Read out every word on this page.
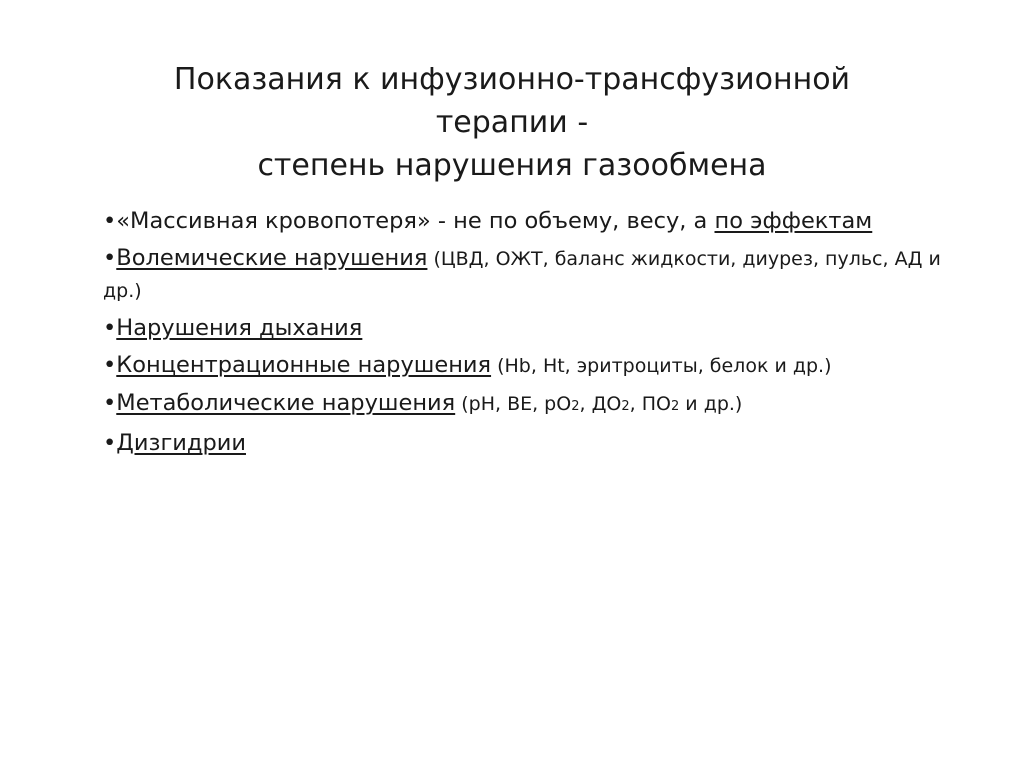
Показания к инфузионно-трансфузионной
терапии -
степень нарушения газообмена
•«Массивная кровопотеря» - не по объему, весу, а по эффектам
•Волемические нарушения (ЦВД, ОЖТ, баланс жидкости, диурез, пульс, АД и др.)
•Нарушения дыхания
•Концентрационные нарушения (Hb, Ht, эритроциты, белок и др.)
•Метаболические нарушения (pH, BE, pO2, ДО2, ПО2 и др.)
•Дизгидрии
